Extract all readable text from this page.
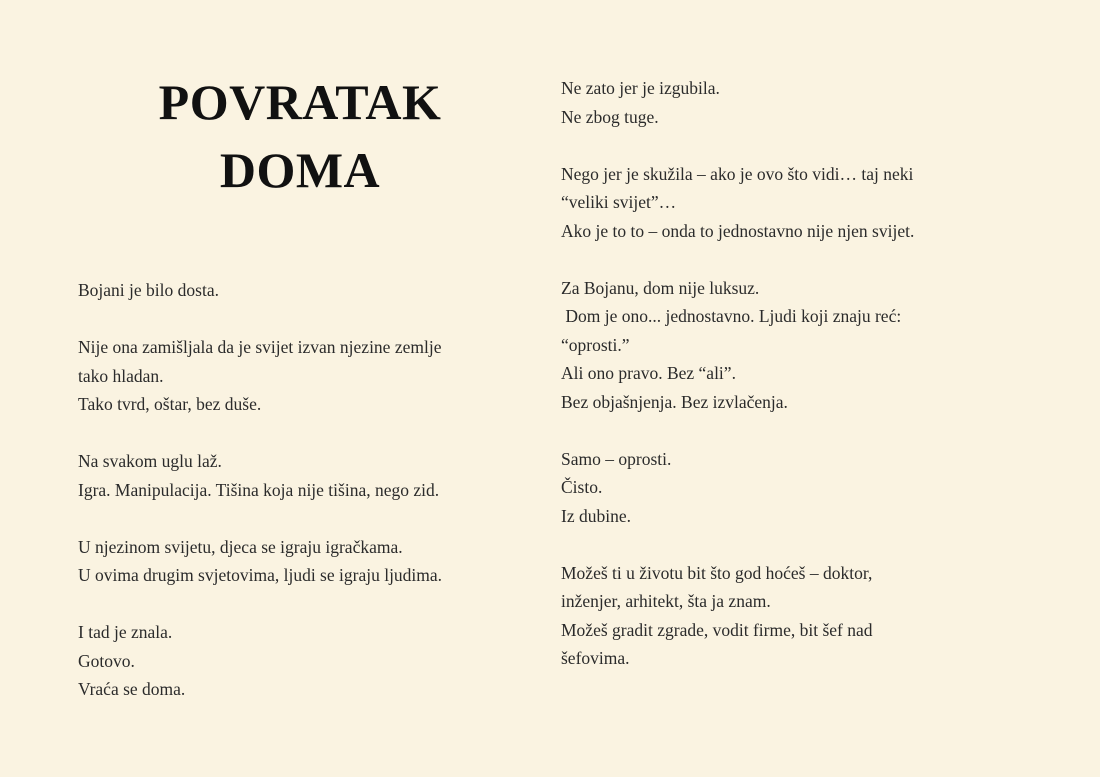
POVRATAK
DOMA
Bojani je bilo dosta.
Nije ona zamišljala da je svijet izvan njezine zemlje
tako hladan.
Tako tvrd, oštar, bez duše.
Na svakom uglu laž.
Igra. Manipulacija. Tišina koja nije tišina, nego zid.
U njezinom svijetu, djeca se igraju igračkama.
U ovima drugim svjetovima, ljudi se igraju ljudima.
I tad je znala.
Gotovo.
Vraća se doma.
Ne zato jer je izgubila.
Ne zbog tuge.
Nego jer je skužila – ako je ovo što vidi… taj neki
“veliki svijet”…
Ako je to to – onda to jednostavno nije njen svijet.
Za Bojanu, dom nije luksuz.
Dom je ono... jednostavno. Ljudi koji znaju reć:
“oprosti.”
Ali ono pravo. Bez “ali”.
Bez objašnjenja. Bez izvlačenja.
Samo – oprosti.
Čisto.
Iz dubine.
Možeš ti u životu bit što god hoćeš – doktor,
inženjer, arhitekt, šta ja znam.
Možeš gradit zgrade, vodit firme, bit šef nad
šefovima.
